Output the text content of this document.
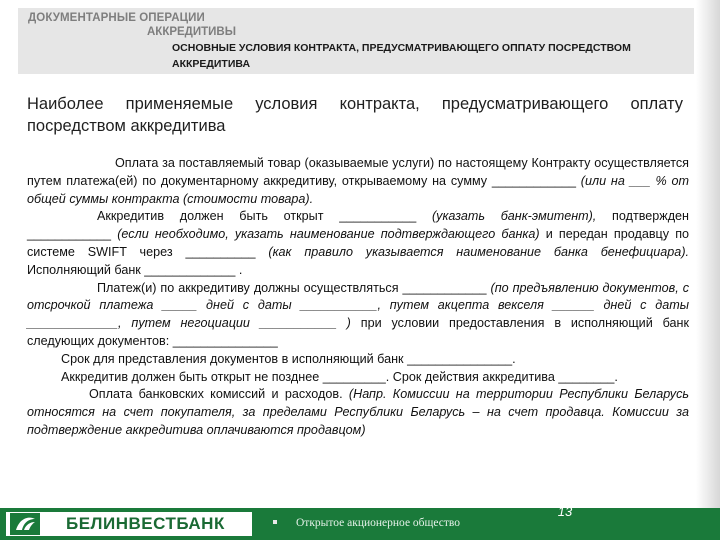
ДОКУМЕНТАРНЫЕ ОПЕРАЦИИ
АККРЕДИТИВЫ
ОСНОВНЫЕ УСЛОВИЯ КОНТРАКТА, ПРЕДУСМАТРИВАЮЩЕГО ОППАТУ ПОСРЕДСТВОМ АККРЕДИТИВА
Наиболее применяемые условия контракта, предусматривающего оплату посредством аккредитива

Оплата за поставляемый товар (оказываемые услуги) по настоящему Контракту осуществляется путем платежа(ей) по документарному аккредитиву, открываемому на сумму ____________ (или на ___ % от общей суммы контракта (стоимости товара).

Аккредитив должен быть открыт ___________ (указать банк-эмитент), подтвержден ____________ (если необходимо, указать наименование подтверждающего банка) и передан продавцу по системе SWIFT через __________ (как правило указывается наименование банка бенефициара). Исполняющий банк _____________ .

Платеж(и) по аккредитиву должны осуществляться ____________ (по предъявлению документов, с отсрочкой платежа _____ дней с даты ___________, путем акцепта векселя ______ дней с даты _____________, путем негоциации ___________ ) при условии предоставления в исполняющий банк следующих документов: _______________

Срок для представления документов в исполняющий банк _______________.

Аккредитив должен быть открыт не позднее _________. Срок действия аккредитива ________.

Оплата банковских комиссий и расходов. (Напр. Комиссии на территории Республики Беларусь относятся на счет покупателя, за пределами Республики Беларусь – на счет продавца. Комиссии за подтверждение аккредитива оплачиваются продавцом)

БЕЛИНВЕСТБАНК	Открытое акционерное общество
13
